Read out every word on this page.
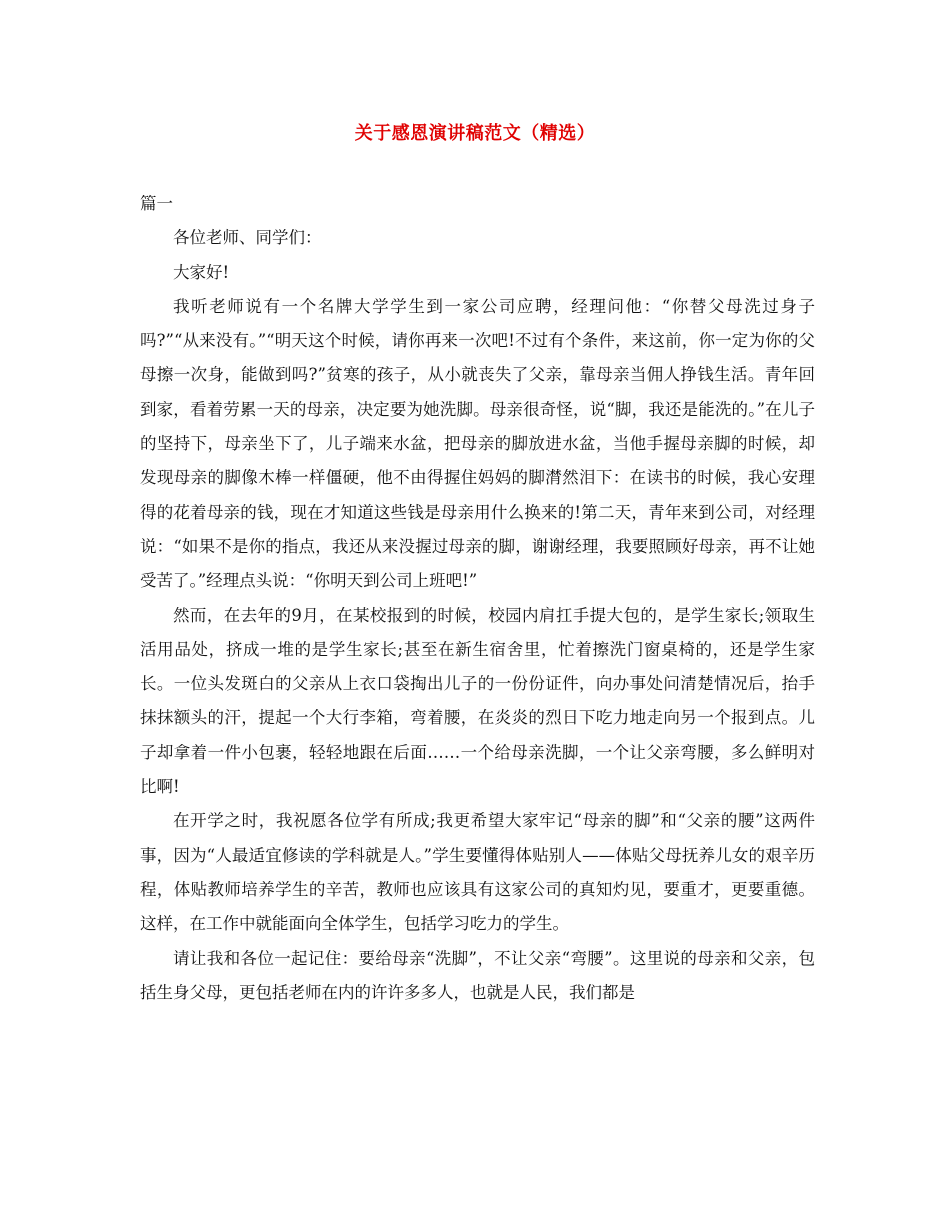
关于感恩演讲稿范文（精选）

篇一

各位老师、同学们：

大家好!

我听老师说有一个名牌大学学生到一家公司应聘，经理问他：“你替父母洗过身子吗?”“从来没有。”“明天这个时候，请你再来一次吧!不过有个条件，来这前，你一定为你的父母擦一次身，能做到吗?”贫寒的孩子，从小就丧失了父亲，靠母亲当佣人挣钱生活。青年回到家，看着劳累一天的母亲，决定要为她洗脚。母亲很奇怪，说“脚，我还是能洗的。”在儿子的坚持下，母亲坐下了，儿子端来水盆，把母亲的脚放进水盆，当他手握母亲脚的时候，却发现母亲的脚像木棒一样僵硬，他不由得握住妈妈的脚潸然泪下：在读书的时候，我心安理得的花着母亲的钱，现在才知道这些钱是母亲用什么换来的!第二天，青年来到公司，对经理说：“如果不是你的指点，我还从来没握过母亲的脚，谢谢经理，我要照顾好母亲，再不让她受苦了。”经理点头说：“你明天到公司上班吧!”

然而，在去年的9月，在某校报到的时候，校园内肩扛手提大包的，是学生家长;领取生活用品处，挤成一堆的是学生家长;甚至在新生宿舍里，忙着擦洗门窗桌椅的，还是学生家长。一位头发斑白的父亲从上衣口袋掏出儿子的一份份证件，向办事处问清楚情况后，抬手抹抹额头的汗，提起一个大行李箱，弯着腰，在炎炎的烈日下吃力地走向另一个报到点。儿子却拿着一件小包裹，轻轻地跟在后面……一个给母亲洗脚，一个让父亲弯腰，多么鲜明对比啊!

在开学之时，我祝愿各位学有所成;我更希望大家牢记“母亲的脚”和“父亲的腰”这两件事，因为“人最适宜修读的学科就是人。”学生要懂得体贴别人——体贴父母抚养儿女的艰辛历程，体贴教师培养学生的辛苦，教师也应该具有这家公司的真知灼见，要重才，更要重德。这样，在工作中就能面向全体学生，包括学习吃力的学生。

请让我和各位一起记住：要给母亲“洗脚”，不让父亲“弯腰”。这里说的母亲和父亲，包括生身父母，更包括老师在内的许许多多人，也就是人民，我们都是
